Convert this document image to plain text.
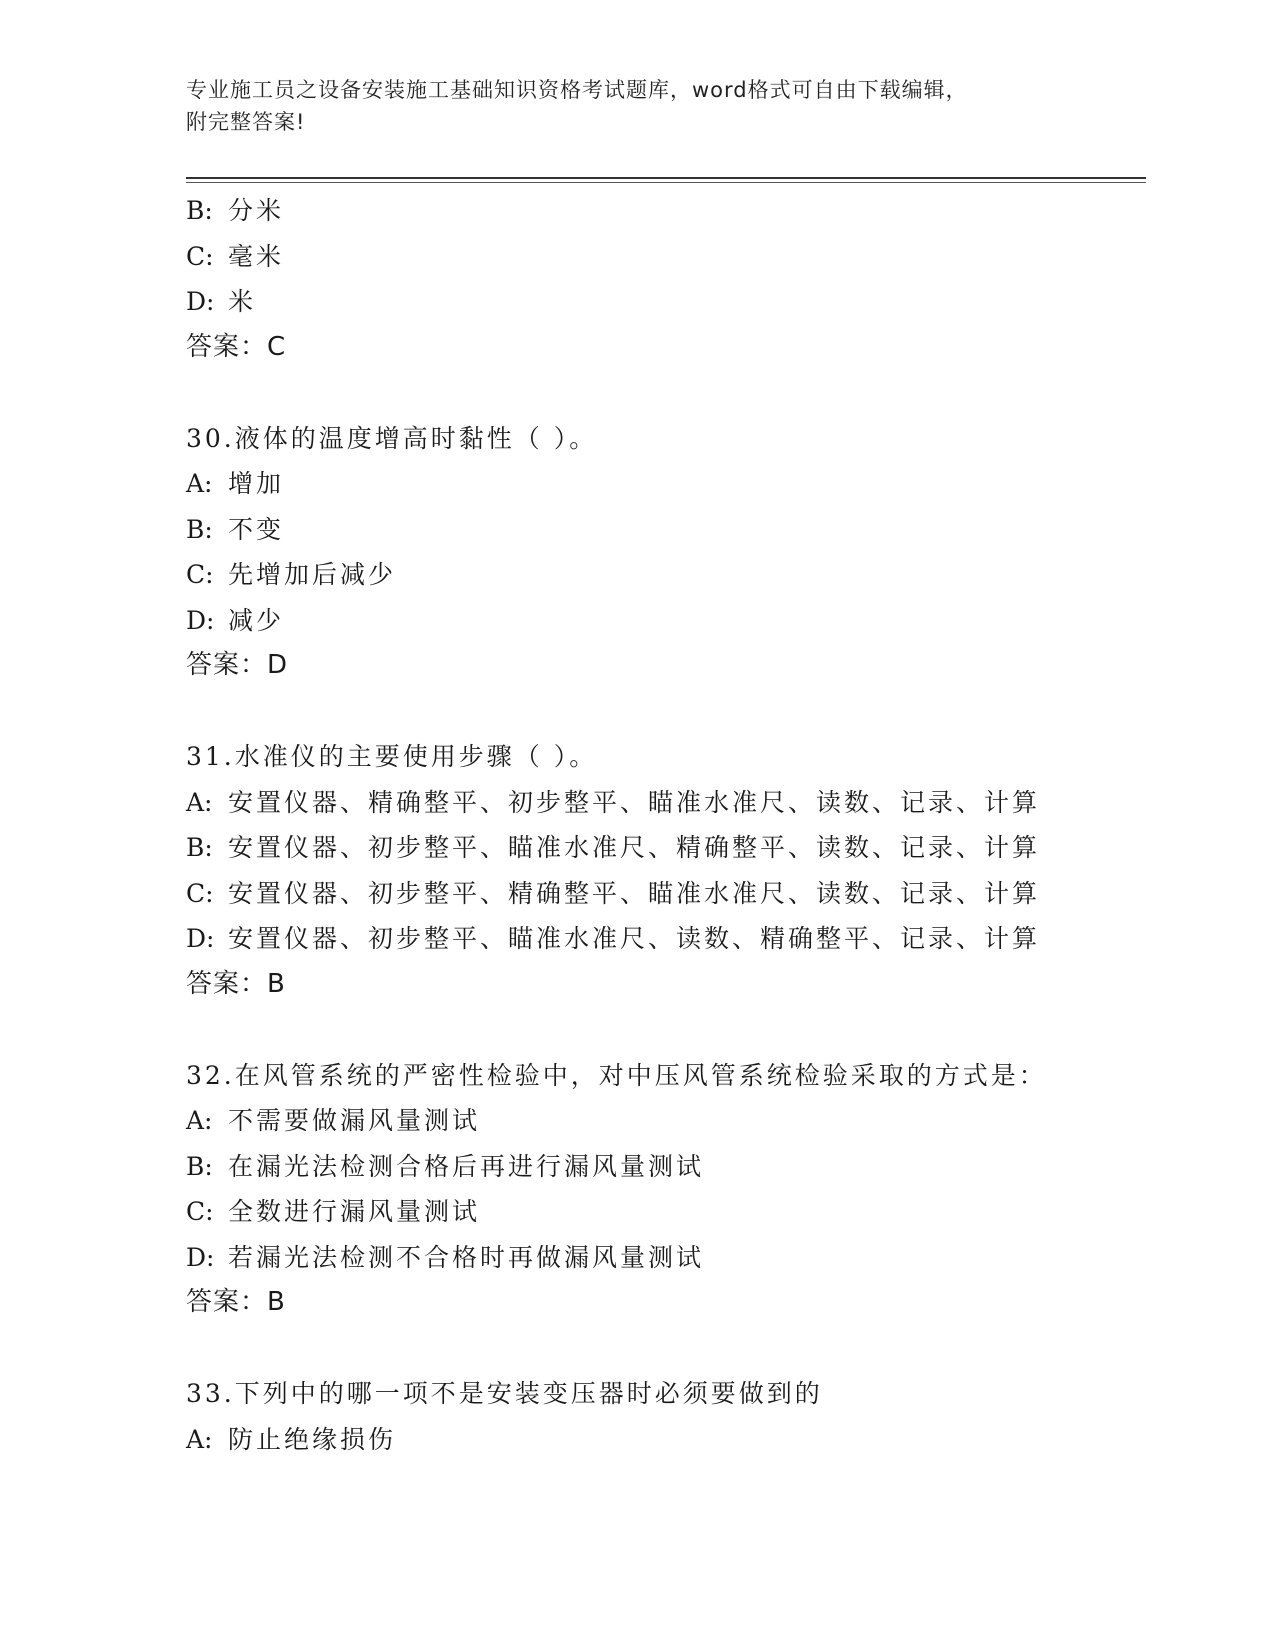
专业施工员之设备安装施工基础知识资格考试题库，word格式可自由下载编辑，
附完整答案!
B: 分米
C: 毫米
D: 米
答案：C
30.液体的温度增高时黏性（ ）。
A: 增加
B: 不变
C: 先增加后减少
D: 减少
答案：D
31.水准仪的主要使用步骤（ ）。
A: 安置仪器、精确整平、初步整平、瞄准水准尺、读数、记录、计算
B: 安置仪器、初步整平、瞄准水准尺、精确整平、读数、记录、计算
C: 安置仪器、初步整平、精确整平、瞄准水准尺、读数、记录、计算
D: 安置仪器、初步整平、瞄准水准尺、读数、精确整平、记录、计算
答案：B
32.在风管系统的严密性检验中，对中压风管系统检验采取的方式是：
A: 不需要做漏风量测试
B: 在漏光法检测合格后再进行漏风量测试
C: 全数进行漏风量测试
D: 若漏光法检测不合格时再做漏风量测试
答案：B
33.下列中的哪一项不是安装变压器时必须要做到的
A: 防止绝缘损伤
